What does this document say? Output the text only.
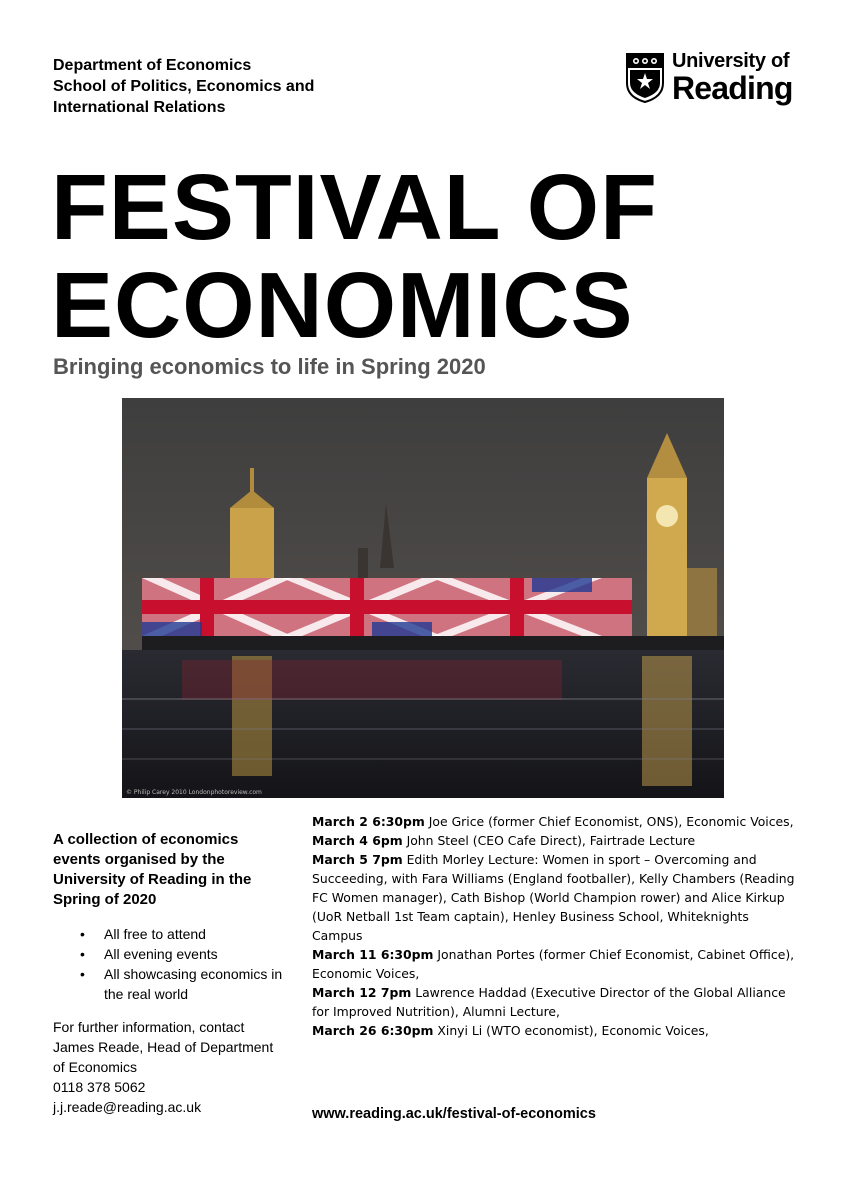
Department of Economics
School of Politics, Economics and
International Relations
University of
Reading
FESTIVAL OF
ECONOMICS
Bringing economics to life in Spring 2020
© Philip Carey 2010 Londonphotoreview.com
A collection of economics
events organised by the
University of Reading in the
Spring of 2020
• All free to attend
• All evening events
• All showcasing economics in the real world
For further information, contact
James Reade, Head of Department
of Economics
0118 378 5062
j.j.reade@reading.ac.uk

March 2 6:30pm Joe Grice (former Chief Economist, ONS), Economic Voices,

March 4 6pm John Steel (CEO Cafe Direct), Fairtrade Lecture

March 5 7pm Edith Morley Lecture: Women in sport – Overcoming and Succeeding, with Fara Williams (England footballer), Kelly Chambers (Reading FC Women manager), Cath Bishop (World Champion rower) and Alice Kirkup (UoR Netball 1st Team captain), Henley Business School, Whiteknights Campus

March 11 6:30pm Jonathan Portes (former Chief Economist, Cabinet Office), Economic Voices,

March 12 7pm Lawrence Haddad (Executive Director of the Global Alliance for Improved Nutrition), Alumni Lecture,

March 26 6:30pm Xinyi Li (WTO economist), Economic Voices,

www.reading.ac.uk/festival-of-economics
